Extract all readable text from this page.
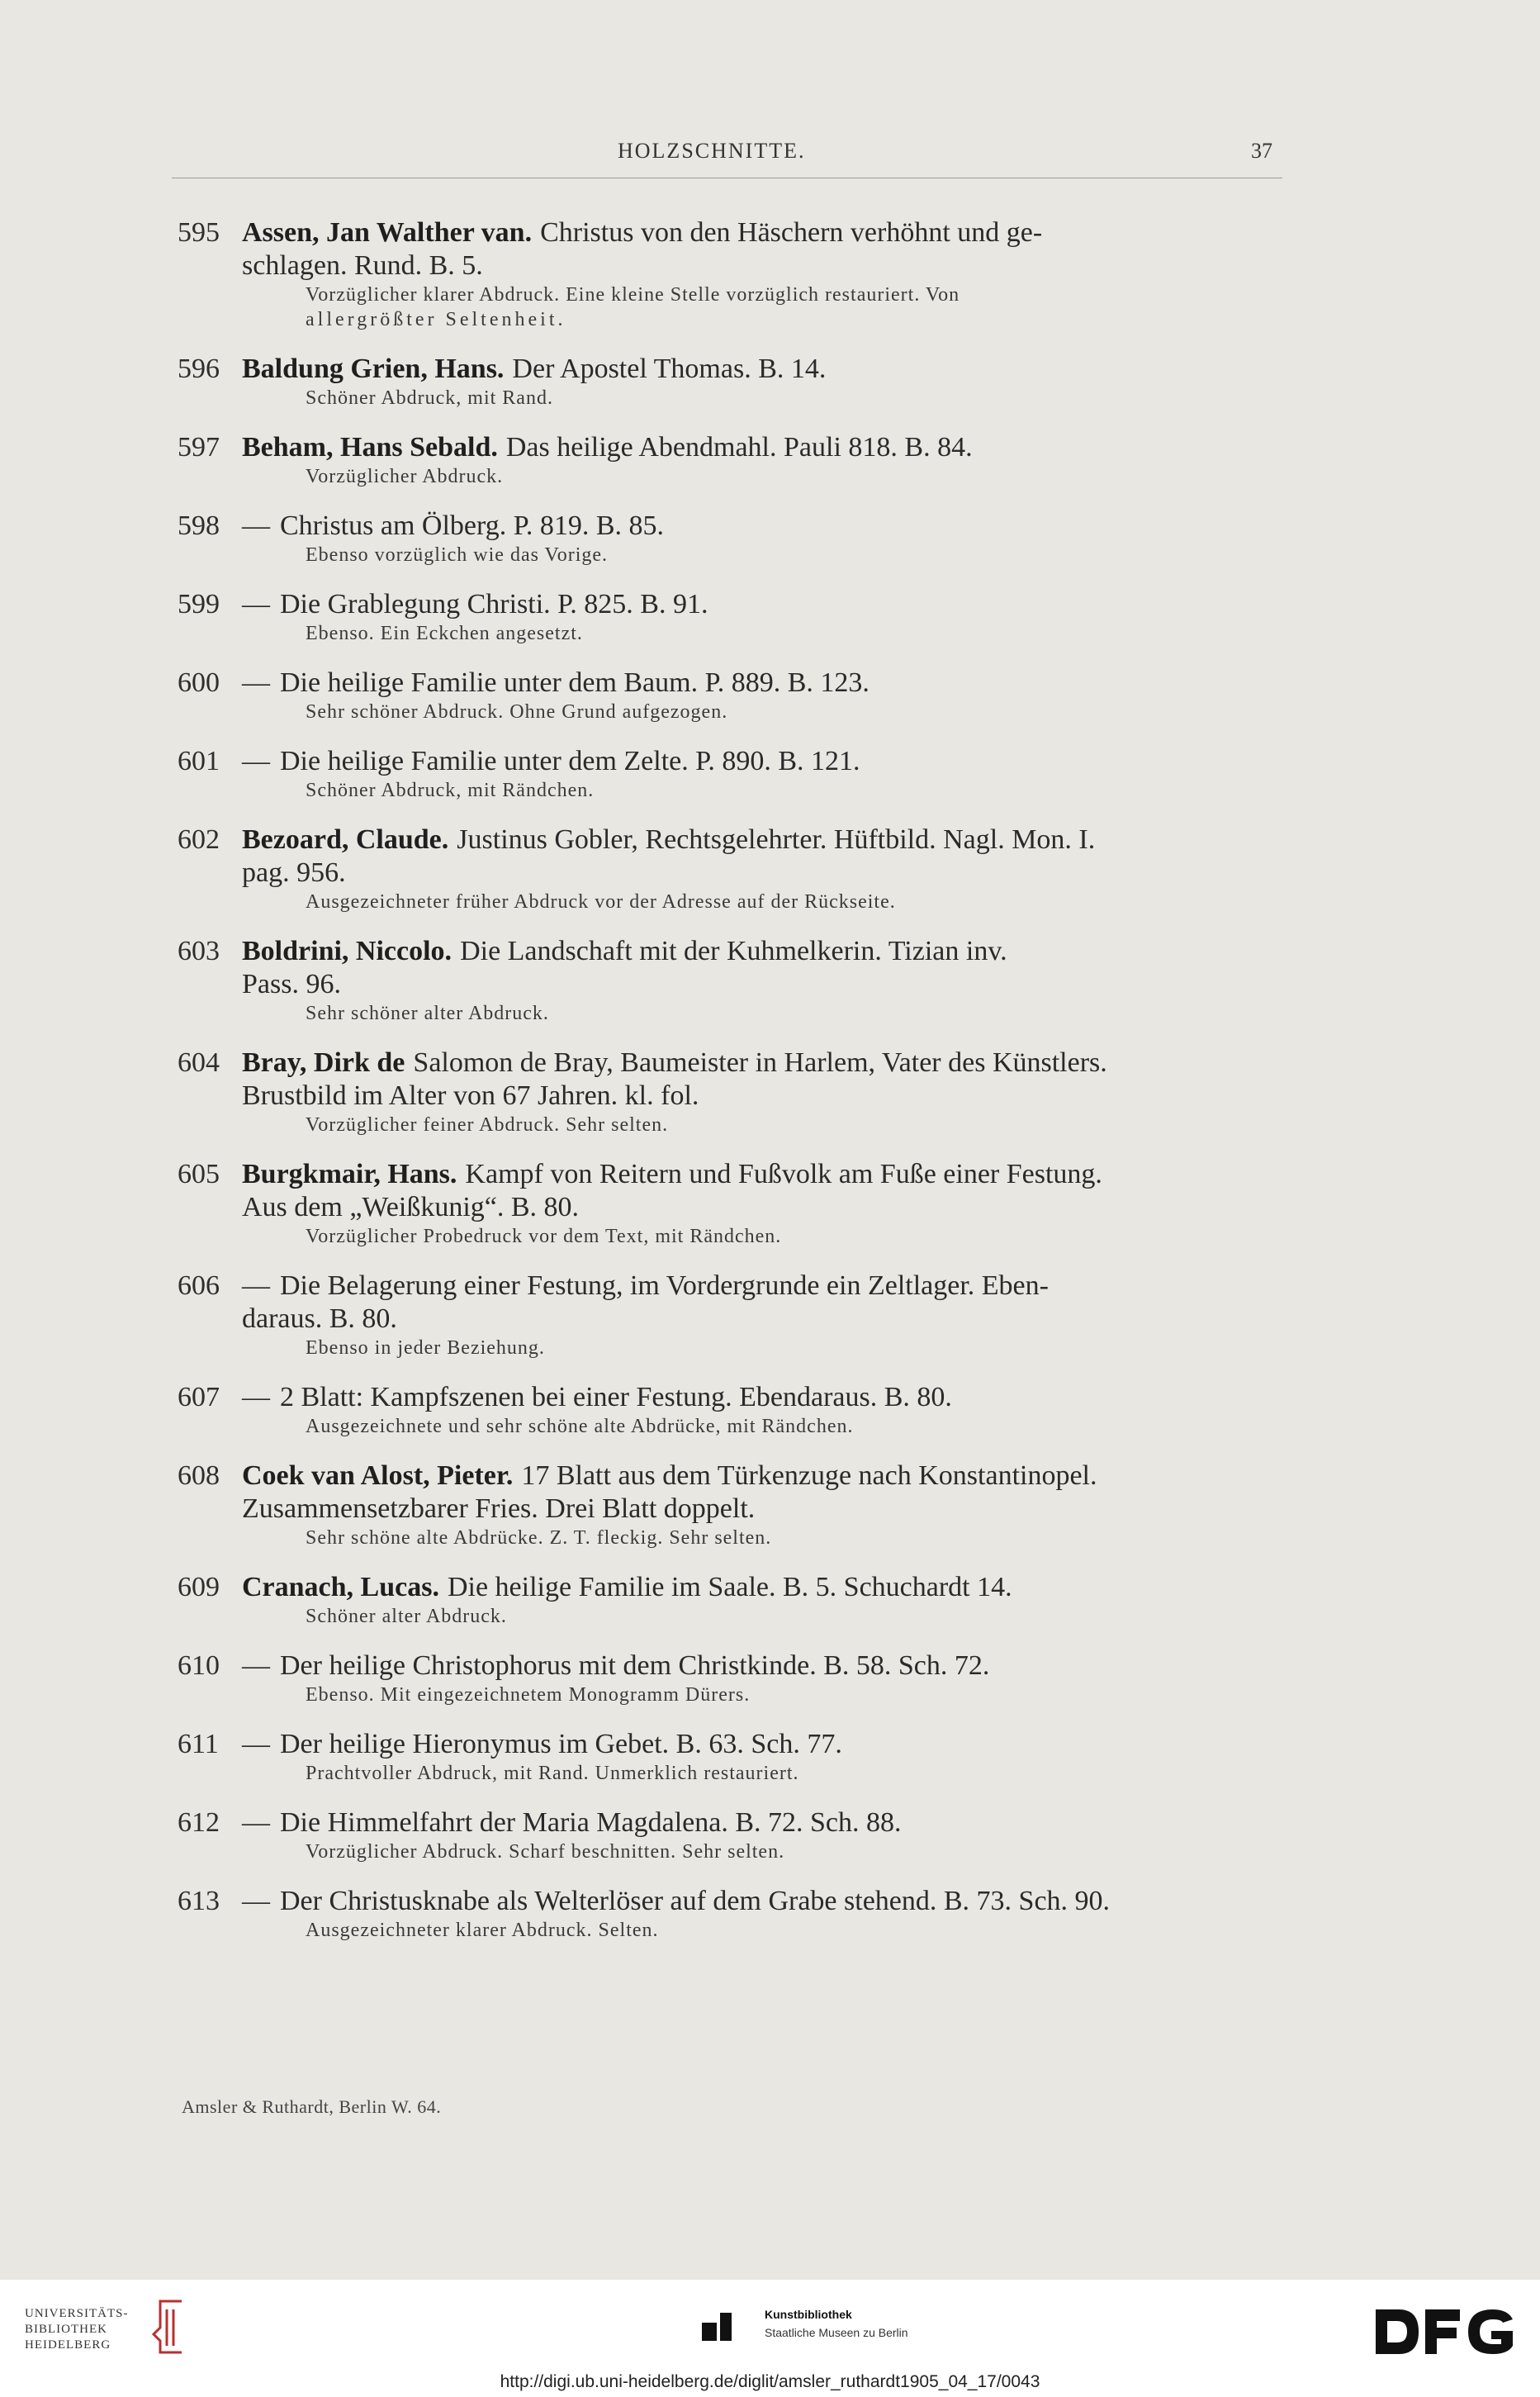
HOLZSCHNITTE.	37
595 Assen, Jan Walther van. Christus von den Häschern verhöhnt und ge-
schlagen. Rund. B. 5.
Vorzüglicher klarer Abdruck. Eine kleine Stelle vorzüglich restauriert. Von
allergrößter Seltenheit.
596 Baldung Grien, Hans. Der Apostel Thomas. B. 14.
Schöner Abdruck, mit Rand.
597 Beham, Hans Sebald. Das heilige Abendmahl. Pauli 818. B. 84.
Vorzüglicher Abdruck.
598 — Christus am Ölberg. P. 819. B. 85.
Ebenso vorzüglich wie das Vorige.
599 — Die Grablegung Christi. P. 825. B. 91.
Ebenso. Ein Eckchen angesetzt.
600 — Die heilige Familie unter dem Baum. P. 889. B. 123.
Sehr schöner Abdruck. Ohne Grund aufgezogen.
601 — Die heilige Familie unter dem Zelte. P. 890. B. 121.
Schöner Abdruck, mit Rändchen.
602 Bezoard, Claude. Justinus Gobler, Rechtsgelehrter. Hüftbild. Nagl. Mon. I.
pag. 956.
Ausgezeichneter früher Abdruck vor der Adresse auf der Rückseite.
603 Boldrini, Niccolo. Die Landschaft mit der Kuhmelkerin. Tizian inv.
Pass. 96.
Sehr schöner alter Abdruck.
604 Bray, Dirk de Salomon de Bray, Baumeister in Harlem, Vater des Künstlers.
Brustbild im Alter von 67 Jahren. kl. fol.
Vorzüglicher feiner Abdruck. Sehr selten.
605 Burgkmair, Hans. Kampf von Reitern und Fußvolk am Fuße einer Festung.
Aus dem „Weißkunig“. B. 80.
Vorzüglicher Probedruck vor dem Text, mit Rändchen.
606 — Die Belagerung einer Festung, im Vordergrunde ein Zeltlager. Eben-
daraus. B. 80.
Ebenso in jeder Beziehung.
607 — 2 Blatt: Kampfszenen bei einer Festung. Ebendaraus. B. 80.
Ausgezeichnete und sehr schöne alte Abdrücke, mit Rändchen.
608 Coek van Alost, Pieter. 17 Blatt aus dem Türkenzuge nach Konstantinopel.
Zusammensetzbarer Fries. Drei Blatt doppelt.
Sehr schöne alte Abdrücke. Z. T. fleckig. Sehr selten.
609 Cranach, Lucas. Die heilige Familie im Saale. B. 5. Schuchardt 14.
Schöner alter Abdruck.
610 — Der heilige Christophorus mit dem Christkinde. B. 58. Sch. 72.
Ebenso. Mit eingezeichnetem Monogramm Dürers.
611 — Der heilige Hieronymus im Gebet. B. 63. Sch. 77.
Prachtvoller Abdruck, mit Rand. Unmerklich restauriert.
612 — Die Himmelfahrt der Maria Magdalena. B. 72. Sch. 88.
Vorzüglicher Abdruck. Scharf beschnitten. Sehr selten.
613 — Der Christusknabe als Welterlöser auf dem Grabe stehend. B. 73. Sch. 90.
Ausgezeichneter klarer Abdruck. Selten.
Amsler & Ruthardt, Berlin W. 64.
UNIVERSITÄTS-
BIBLIOTHEK
HEIDELBERG
Kunstbibliothek
Staatliche Museen zu Berlin
http://digi.ub.uni-heidelberg.de/diglit/amsler_ruthardt1905_04_17/0043
